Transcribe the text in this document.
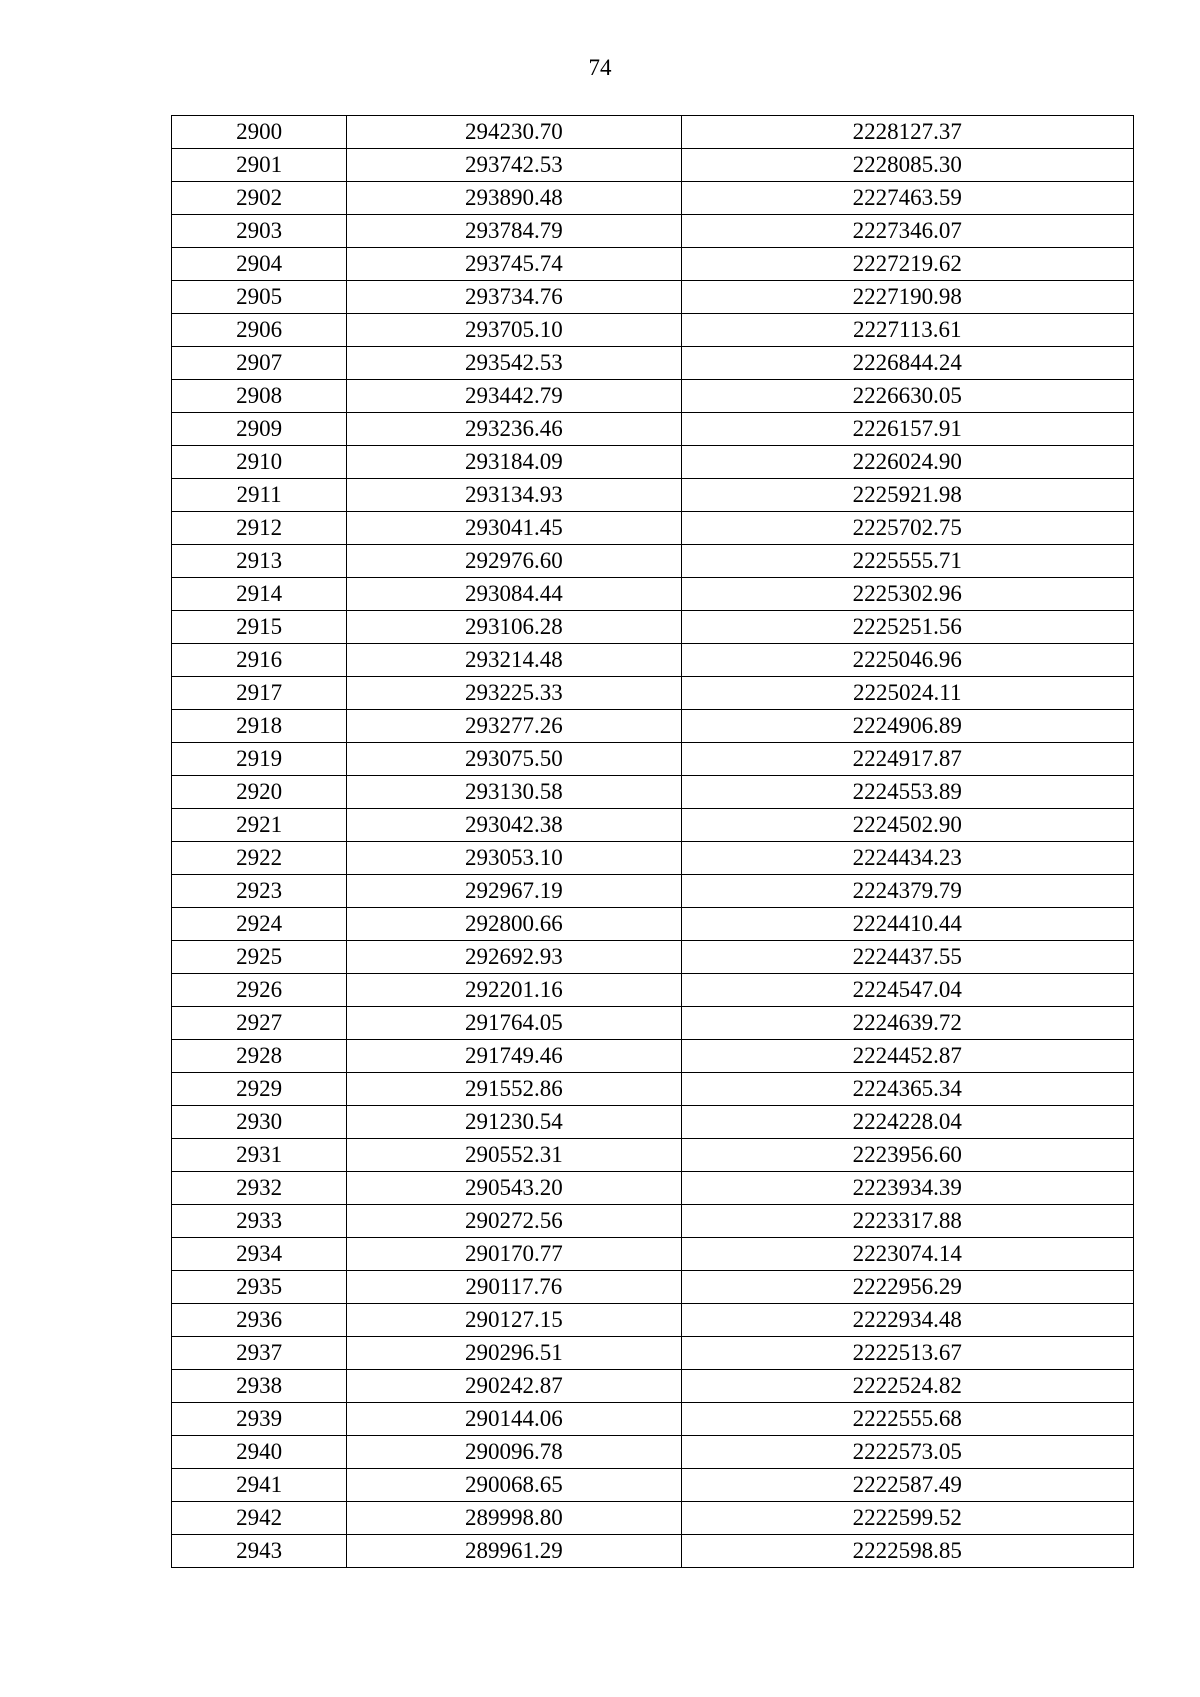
74
2900	294230.70	2228127.37
2901	293742.53	2228085.30
2902	293890.48	2227463.59
2903	293784.79	2227346.07
2904	293745.74	2227219.62
2905	293734.76	2227190.98
2906	293705.10	2227113.61
2907	293542.53	2226844.24
2908	293442.79	2226630.05
2909	293236.46	2226157.91
2910	293184.09	2226024.90
2911	293134.93	2225921.98
2912	293041.45	2225702.75
2913	292976.60	2225555.71
2914	293084.44	2225302.96
2915	293106.28	2225251.56
2916	293214.48	2225046.96
2917	293225.33	2225024.11
2918	293277.26	2224906.89
2919	293075.50	2224917.87
2920	293130.58	2224553.89
2921	293042.38	2224502.90
2922	293053.10	2224434.23
2923	292967.19	2224379.79
2924	292800.66	2224410.44
2925	292692.93	2224437.55
2926	292201.16	2224547.04
2927	291764.05	2224639.72
2928	291749.46	2224452.87
2929	291552.86	2224365.34
2930	291230.54	2224228.04
2931	290552.31	2223956.60
2932	290543.20	2223934.39
2933	290272.56	2223317.88
2934	290170.77	2223074.14
2935	290117.76	2222956.29
2936	290127.15	2222934.48
2937	290296.51	2222513.67
2938	290242.87	2222524.82
2939	290144.06	2222555.68
2940	290096.78	2222573.05
2941	290068.65	2222587.49
2942	289998.80	2222599.52
2943	289961.29	2222598.85
